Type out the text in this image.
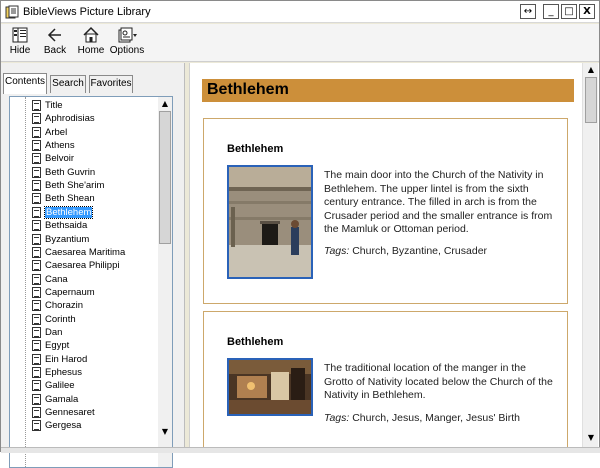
BibleViews Picture Library	↔	_	□ X
Hide Back Home Options
Contents Search Favorites
Title
Aphrodisias
Arbel
Athens
Belvoir
Beth Guvrin
Beth She'arim
Beth Shean
Bethlehem
Bethsaida
Byzantium
Caesarea Maritima
Caesarea Philippi
Cana
Capernaum
Chorazin
Corinth
Dan
Egypt
Ein Harod
Ephesus
Galilee
Gamala
Gennesaret
Gergesa
▲
▼
Bethlehem
Bethlehem
The main door into the Church of the Nativity in Bethlehem. The upper lintel is from the sixth century entrance. The filled in arch is from the Crusader period and the smaller entrance is from the Mamluk or Ottoman period.
Tags: Church, Byzantine, Crusader
Bethlehem
The traditional location of the manger in the Grotto of Nativity located below the Church of the Nativity in Bethlehem.
Tags: Church, Jesus, Manger, Jesus' Birth
▲
▼
